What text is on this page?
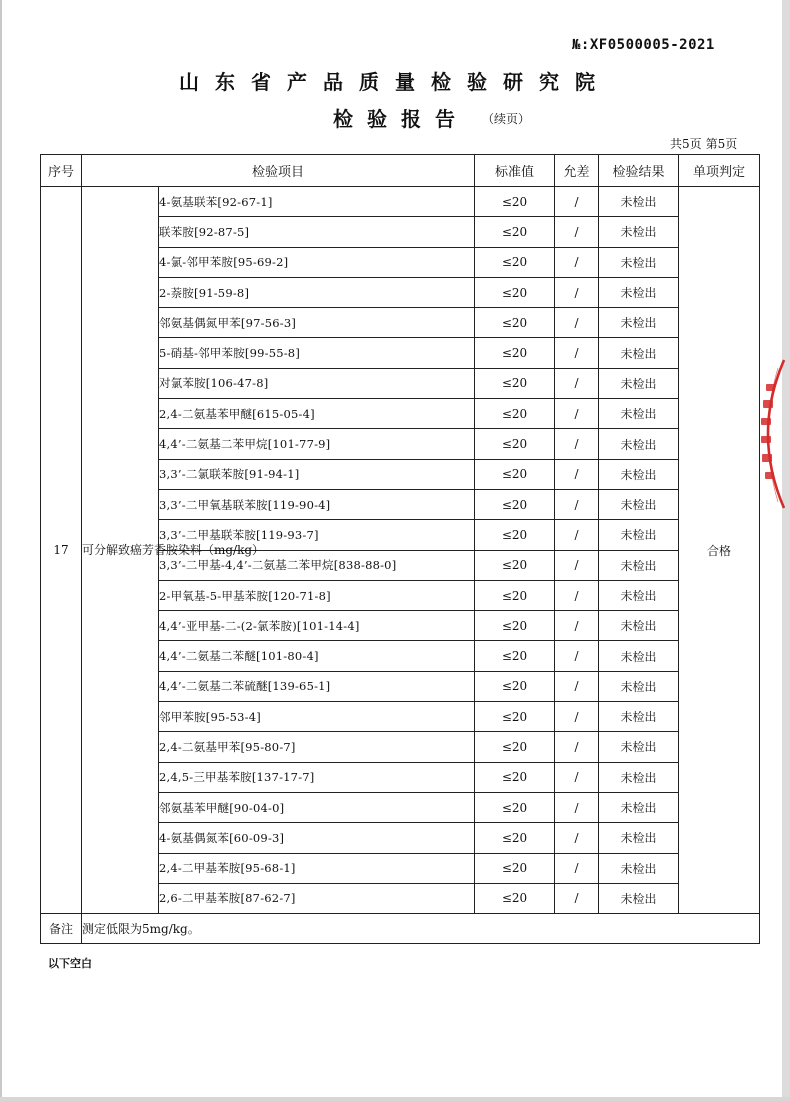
№:XF0500005-2021
山东省产品质量检验研究院
检验报告 （续页）
共5页 第5页
序号	检验项目		标准值	允差	检验结果	单项判定
17	可分解致癌芳香胺染料（mg/kg）	4-氨基联苯[92-67-1]	≤20	/	未检出	合格
		联苯胺[92-87-5]	≤20	/	未检出	
		4-氯-邻甲苯胺[95-69-2]	≤20	/	未检出	
		2-萘胺[91-59-8]	≤20	/	未检出	
		邻氨基偶氮甲苯[97-56-3]	≤20	/	未检出	
		5-硝基-邻甲苯胺[99-55-8]	≤20	/	未检出	
		对氯苯胺[106-47-8]	≤20	/	未检出	
		2,4-二氨基苯甲醚[615-05-4]	≤20	/	未检出	
		4,4’-二氨基二苯甲烷[101-77-9]	≤20	/	未检出	
		3,3’-二氯联苯胺[91-94-1]	≤20	/	未检出	
		3,3’-二甲氧基联苯胺[119-90-4]	≤20	/	未检出	
		3,3’-二甲基联苯胺[119-93-7]	≤20	/	未检出	
		3,3’-二甲基-4,4’-二氨基二苯甲烷[838-88-0]	≤20	/	未检出	
		2-甲氧基-5-甲基苯胺[120-71-8]	≤20	/	未检出	
		4,4’-亚甲基-二-(2-氯苯胺)[101-14-4]	≤20	/	未检出	
		4,4’-二氨基二苯醚[101-80-4]	≤20	/	未检出	
		4,4’-二氨基二苯硫醚[139-65-1]	≤20	/	未检出	
		邻甲苯胺[95-53-4]	≤20	/	未检出	
		2,4-二氨基甲苯[95-80-7]	≤20	/	未检出	
		2,4,5-三甲基苯胺[137-17-7]	≤20	/	未检出	
		邻氨基苯甲醚[90-04-0]	≤20	/	未检出	
		4-氨基偶氮苯[60-09-3]	≤20	/	未检出	
		2,4-二甲基苯胺[95-68-1]	≤20	/	未检出	
		2,6-二甲基苯胺[87-62-7]	≤20	/	未检出	
备注	测定低限为5mg/kg。					
以下空白
